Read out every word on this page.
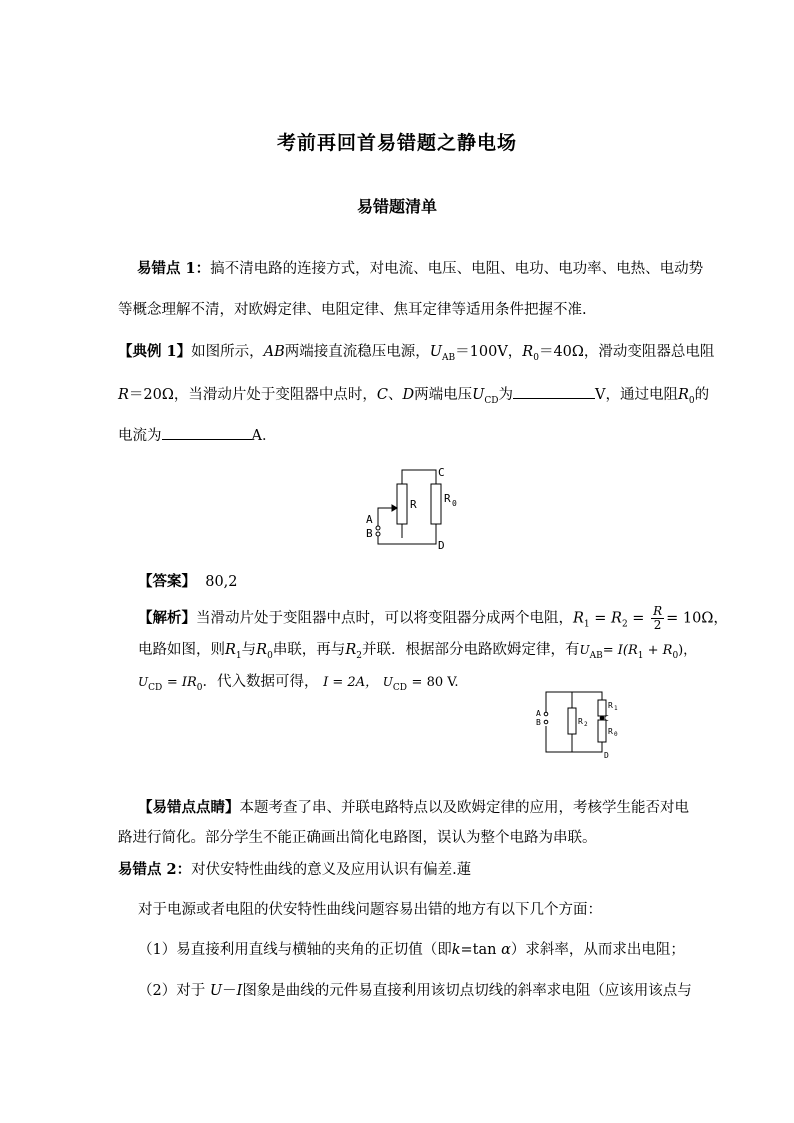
考前再回首易错题之静电场
易错题清单
易错点 1：搞不清电路的连接方式，对电流、电压、电阻、电功、电功率、电热、电动势
等概念理解不清，对欧姆定律、电阻定律、焦耳定律等适用条件把握不准.
【典例 1】如图所示，AB两端接直流稳压电源，$U_{AB}=100V$，$R_0=40\Omega$，滑动变阻器总电阻
R＝20Ω，当滑动片处于变阻器中点时，C、D两端电压$U_{CD}$为	V，通过电阻$R_0$的
电流为	A．
C
D
A
B
R R 0
【答案】 80,2
【解析】当滑动片处于变阻器中点时，可以将变阻器分成两个电阻，$R_1 = R_2 = \frac{R}{2} = 10\Omega$，
电路如图，则$R_1$与$R_0$串联，再与$R_2$并联．根据部分电路欧姆定律，有$U_{AB}= I(R_1 + R_0)$，
$U_{CD} = IR_0$．代入数据可得， I = 2A， $U_{CD} = 80$ V.
A
B	C
D
R 1
R 2
R 0
【易错点点睛】本题考查了串、并联电路特点以及欧姆定律的应用，考核学生能否对电
路进行简化。部分学生不能正确画出简化电路图，误认为整个电路为串联。
易错点 2：对伏安特性曲线的意义及应用认识有偏差.蓮
对于电源或者电阻的伏安特性曲线问题容易出错的地方有以下几个方面：
（1）易直接利用直线与横轴的夹角的正切值（即k=tan α）求斜率，从而求出电阻；
（2）对于 U－I图象是曲线的元件易直接利用该切点切线的斜率求电阻（应该用该点与
